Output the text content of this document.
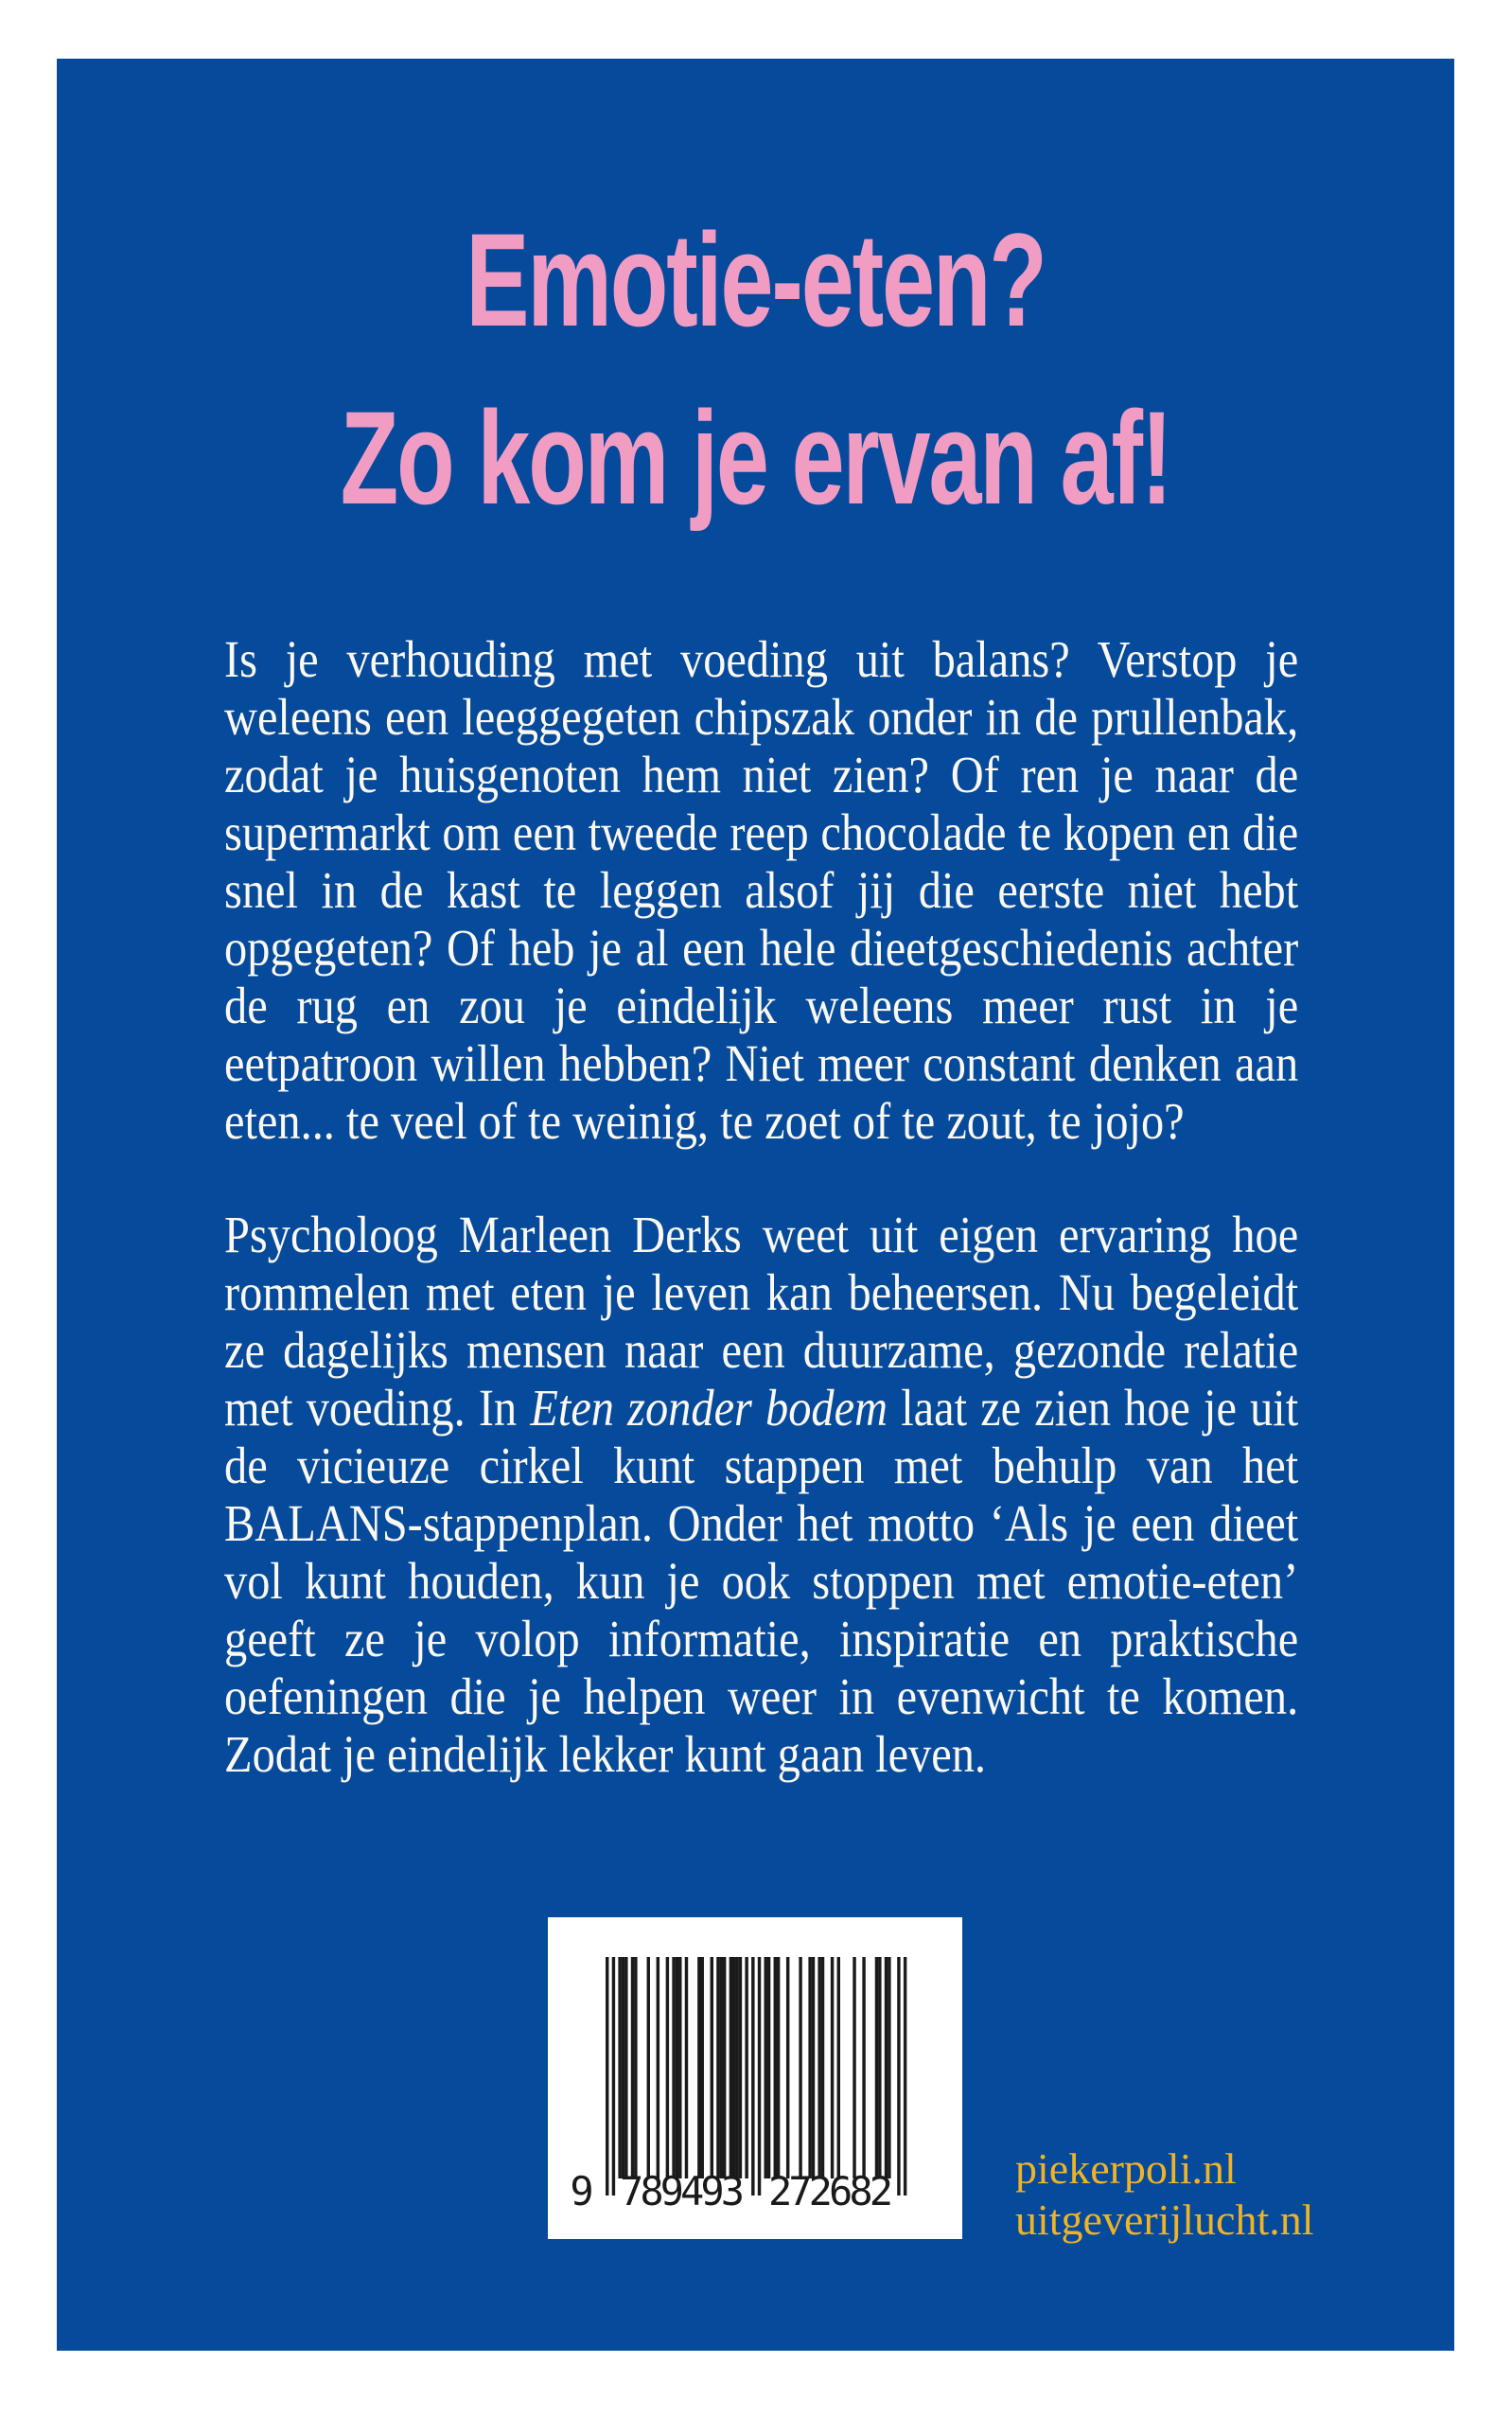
Emotie-eten?
Zo kom je ervan af!

Is je verhouding met voeding uit balans? Verstop je weleens een leeggegeten chipszak onder in de prullenbak, zodat je huisgenoten hem niet zien? Of ren je naar de supermarkt om een tweede reep chocolade te kopen en die snel in de kast te leggen alsof jij die eerste niet hebt opgegeten? Of heb je al een hele dieetgeschiedenis achter de rug en zou je eindelijk weleens meer rust in je eetpatroon willen hebben? Niet meer constant denken aan eten... te veel of te weinig, te zoet of te zout, te jojo?

Psycholoog Marleen Derks weet uit eigen ervaring hoe rommelen met eten je leven kan beheersen. Nu begeleidt ze dagelijks mensen naar een duurzame, gezonde relatie met voeding. In Eten zonder bodem laat ze zien hoe je uit de vicieuze cirkel kunt stappen met behulp van het BALANS-stappenplan. Onder het motto ‘Als je een dieet vol kunt houden, kun je ook stoppen met emotie-eten’ geeft ze je volop informatie, inspiratie en praktische oefeningen die je helpen weer in evenwicht te komen. Zodat je eindelijk lekker kunt gaan leven.

9 789493 272682	piekerpoli.nl
uitgeverijlucht.nl
